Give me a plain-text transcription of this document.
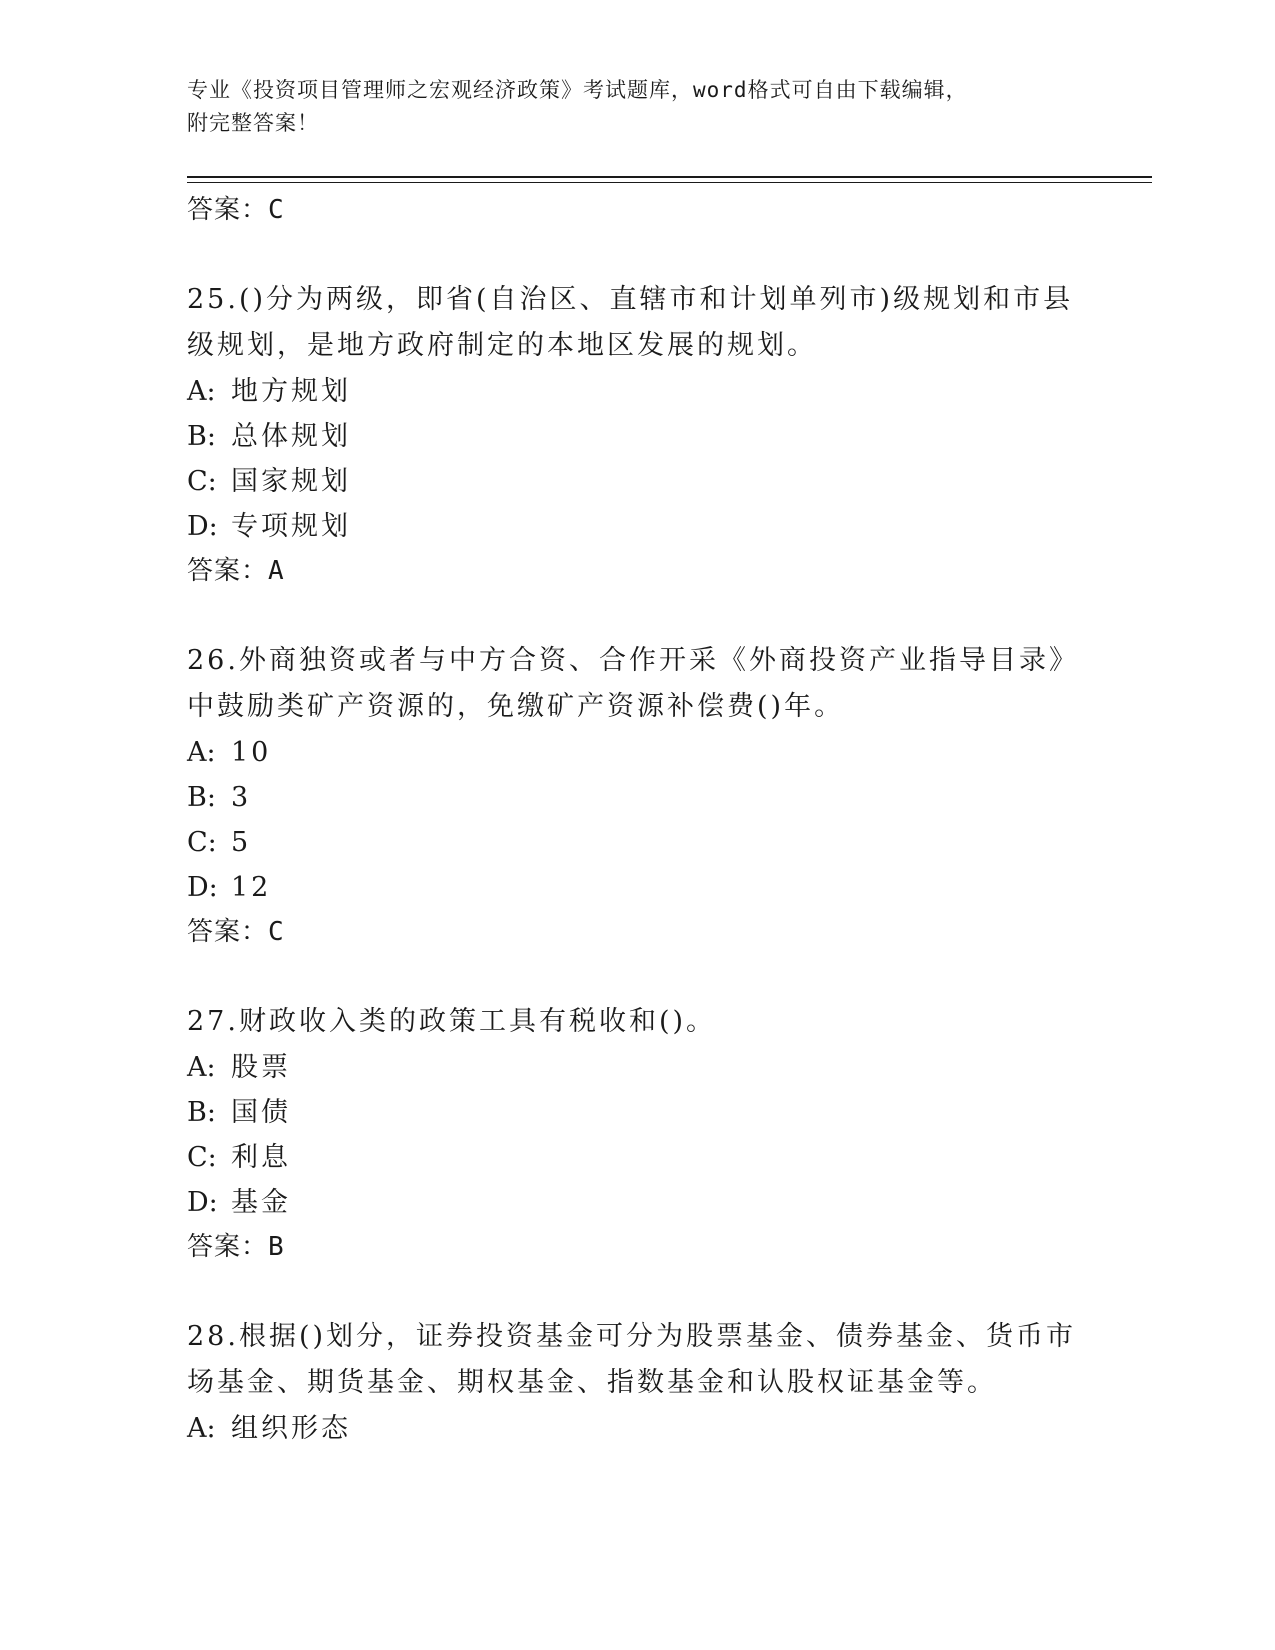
专业《投资项目管理师之宏观经济政策》考试题库，word格式可自由下载编辑，
附完整答案！
答案：C
25.()分为两级，即省(自治区、直辖市和计划单列市)级规划和市县级规划，是地方政府制定的本地区发展的规划。
A: 地方规划
B: 总体规划
C: 国家规划
D: 专项规划
答案：A
26.外商独资或者与中方合资、合作开采《外商投资产业指导目录》中鼓励类矿产资源的，免缴矿产资源补偿费()年。
A: 10
B: 3
C: 5
D: 12
答案：C
27.财政收入类的政策工具有税收和()。
A: 股票
B: 国债
C: 利息
D: 基金
答案：B
28.根据()划分，证券投资基金可分为股票基金、债券基金、货币市场基金、期货基金、期权基金、指数基金和认股权证基金等。
A: 组织形态
